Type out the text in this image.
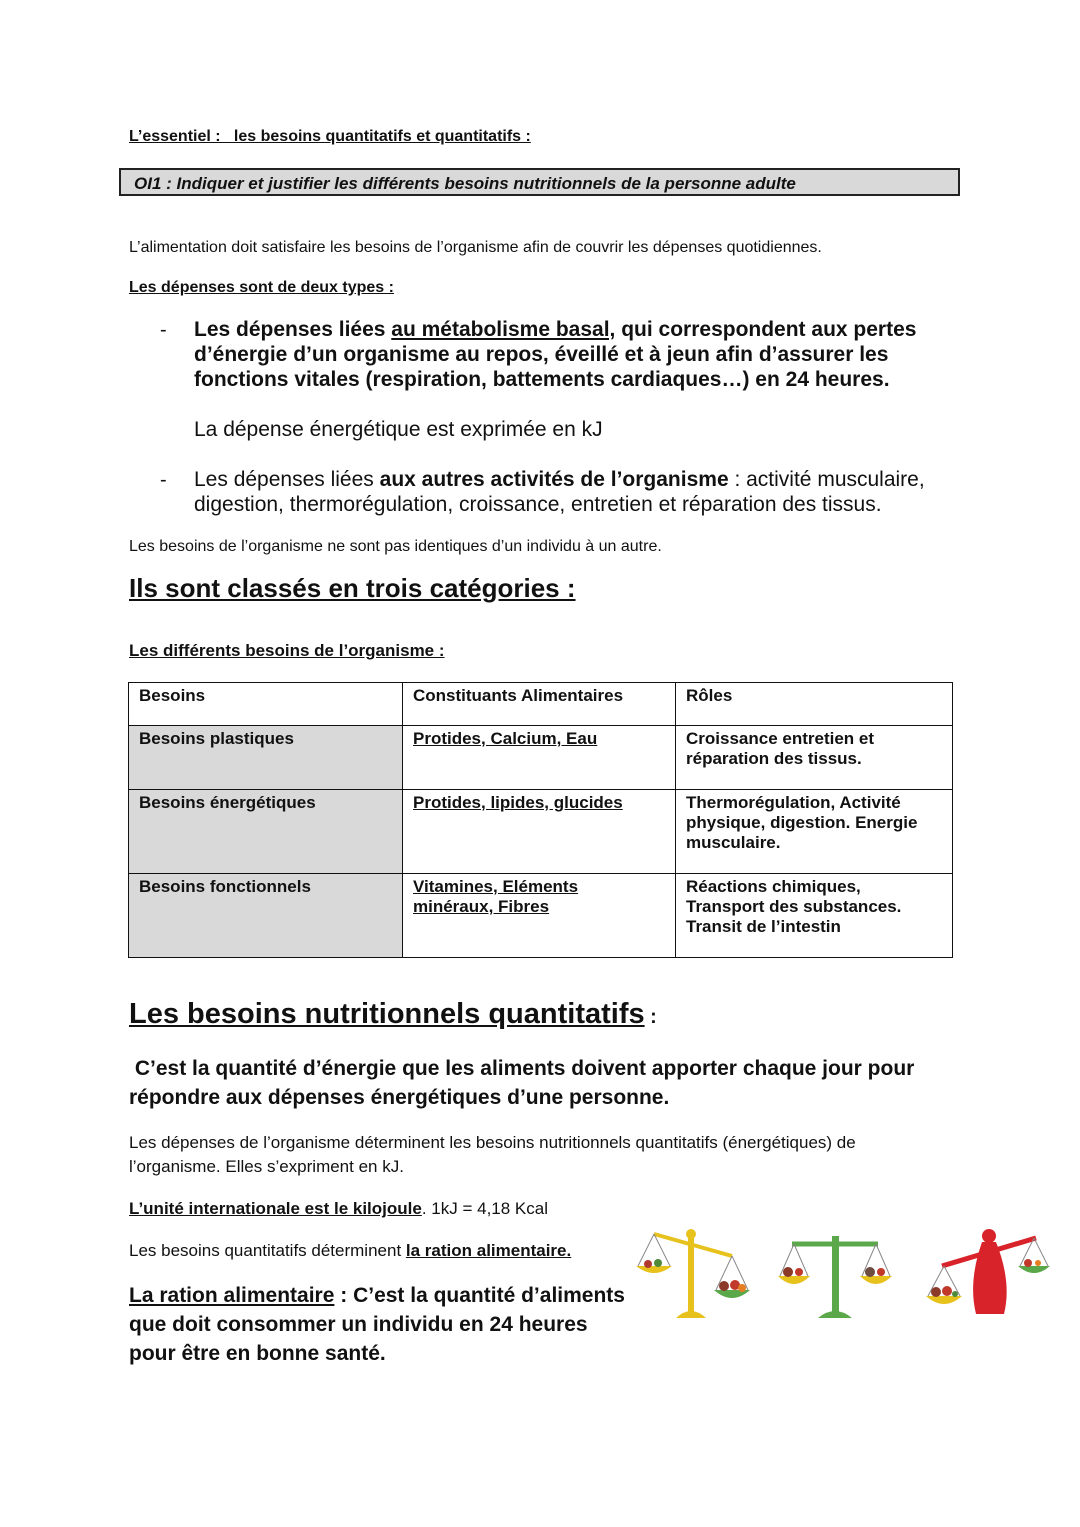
L’essentiel :   les besoins quantitatifs et quantitatifs :
OI1 : Indiquer et justifier les différents besoins nutritionnels de la personne adulte
L’alimentation doit satisfaire les besoins de l’organisme afin de couvrir les dépenses quotidiennes.
Les dépenses sont de deux types :
- Les dépenses liées au métabolisme basal, qui correspondent aux pertes d’énergie d’un organisme au repos, éveillé et à jeun afin d’assurer les fonctions vitales (respiration, battements cardiaques…) en 24 heures.
La dépense énergétique est exprimée en kJ
- Les dépenses liées aux autres activités de l’organisme : activité musculaire, digestion, thermorégulation, croissance, entretien et réparation des tissus.
Les besoins de l’organisme ne sont pas identiques d’un individu à un autre.
Ils sont classés en trois catégories :
Les différents besoins de l’organisme :
Besoins	Constituants Alimentaires	Rôles
Besoins plastiques	Protides, Calcium, Eau	Croissance entretien et réparation des tissus.
Besoins énergétiques	Protides, lipides, glucides	Thermorégulation, Activité physique, digestion. Energie musculaire.
Besoins fonctionnels	Vitamines, Eléments minéraux, Fibres	Réactions chimiques, Transport des substances. Transit de l’intestin
Les besoins nutritionnels quantitatifs :
C’est la quantité d’énergie que les aliments doivent apporter chaque jour pour répondre aux dépenses énergétiques d’une personne.
Les dépenses de l’organisme déterminent les besoins nutritionnels quantitatifs (énergétiques) de l’organisme. Elles s’expriment en kJ.
L’unité internationale est le kilojoule. 1kJ = 4,18 Kcal
Les besoins quantitatifs déterminent la ration alimentaire.
La ration alimentaire : C’est la quantité d’aliments que doit consommer un individu en 24 heures pour être en bonne santé.
